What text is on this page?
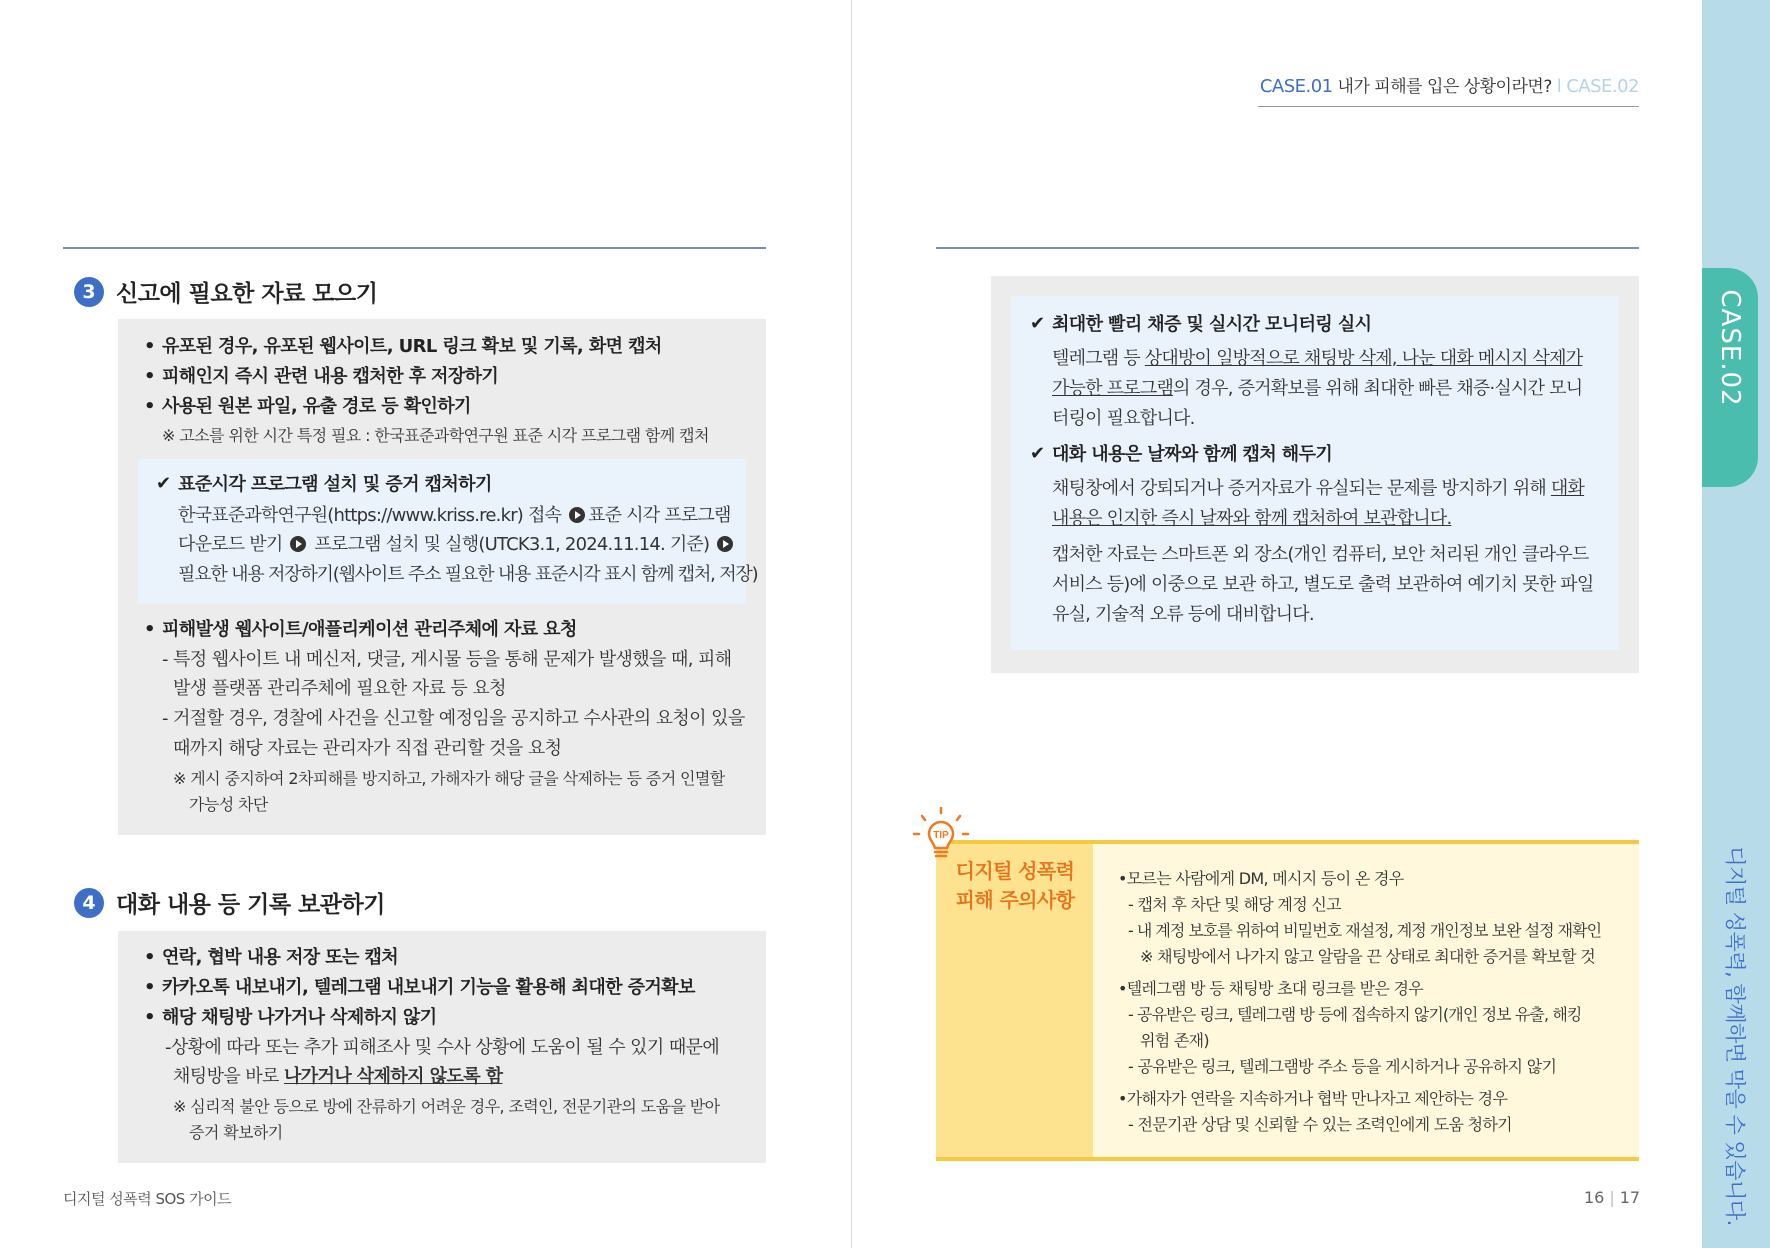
3 신고에 필요한 자료 모으기
• 유포된 경우, 유포된 웹사이트, URL 링크 확보 및 기록, 화면 캡처
• 피해인지 즉시 관련 내용 캡처한 후 저장하기
• 사용된 원본 파일, 유출 경로 등 확인하기
※ 고소를 위한 시간 특정 필요 : 한국표준과학연구원 표준 시각 프로그램 함께 캡처
✔ 표준시각 프로그램 설치 및 증거 캡처하기
한국표준과학연구원(https://www.kriss.re.kr) 접속 표준 시각 프로그램
다운로드 받기 프로그램 설치 및 실행(UTCK3.1, 2024.11.14. 기준)
필요한 내용 저장하기(웹사이트 주소 필요한 내용 표준시각 표시 함께 캡처, 저장)
• 피해발생 웹사이트/애플리케이션 관리주체에 자료 요청
- 특정 웹사이트 내 메신저, 댓글, 게시물 등을 통해 문제가 발생했을 때, 피해
발생 플랫폼 관리주체에 필요한 자료 등 요청
- 거절할 경우, 경찰에 사건을 신고할 예정임을 공지하고 수사관의 요청이 있을
때까지 해당 자료는 관리자가 직접 관리할 것을 요청
※ 게시 중지하여 2차피해를 방지하고, 가해자가 해당 글을 삭제하는 등 증거 인멸할
가능성 차단
4 대화 내용 등 기록 보관하기
• 연락, 협박 내용 저장 또는 캡처
• 카카오톡 내보내기, 텔레그램 내보내기 기능을 활용해 최대한 증거확보
• 해당 채팅방 나가거나 삭제하지 않기
-상황에 따라 또는 추가 피해조사 및 수사 상황에 도움이 될 수 있기 때문에
채팅방을 바로 나가거나 삭제하지 않도록 함
※ 심리적 불안 등으로 방에 잔류하기 어려운 경우, 조력인, 전문기관의 도움을 받아
증거 확보하기
디지털 성폭력 SOS 가이드
CASE.01 내가 피해를 입은 상황이라면? l CASE.02
✔ 최대한 빨리 채증 및 실시간 모니터링 실시
텔레그램 등 상대방이 일방적으로 채팅방 삭제, 나눈 대화 메시지 삭제가
가능한 프로그램의 경우, 증거확보를 위해 최대한 빠른 채증·실시간 모니
터링이 필요합니다.
✔ 대화 내용은 날짜와 함께 캡처 해두기
채팅창에서 강퇴되거나 증거자료가 유실되는 문제를 방지하기 위해 대화
내용은 인지한 즉시 날짜와 함께 캡처하여 보관합니다.
캡처한 자료는 스마트폰 외 장소(개인 컴퓨터, 보안 처리된 개인 클라우드
서비스 등)에 이중으로 보관 하고, 별도로 출력 보관하여 예기치 못한 파일
유실, 기술적 오류 등에 대비합니다.
TIP
디지털 성폭력
피해 주의사항
•모르는 사람에게 DM, 메시지 등이 온 경우
- 캡처 후 차단 및 해당 계정 신고
- 내 계정 보호를 위하여 비밀번호 재설정, 계정 개인정보 보완 설정 재확인
※ 채팅방에서 나가지 않고 알람을 끈 상태로 최대한 증거를 확보할 것
•텔레그램 방 등 채팅방 초대 링크를 받은 경우
- 공유받은 링크, 텔레그램 방 등에 접속하지 않기(개인 정보 유출, 해킹
위험 존재)
- 공유받은 링크, 텔레그램방 주소 등을 게시하거나 공유하지 않기
•가해자가 연락을 지속하거나 협박 만나자고 제안하는 경우
- 전문기관 상담 및 신뢰할 수 있는 조력인에게 도움 청하기
16 | 17
CASE.02
디지털 성폭력, 함께하면 막을 수 있습니다.
